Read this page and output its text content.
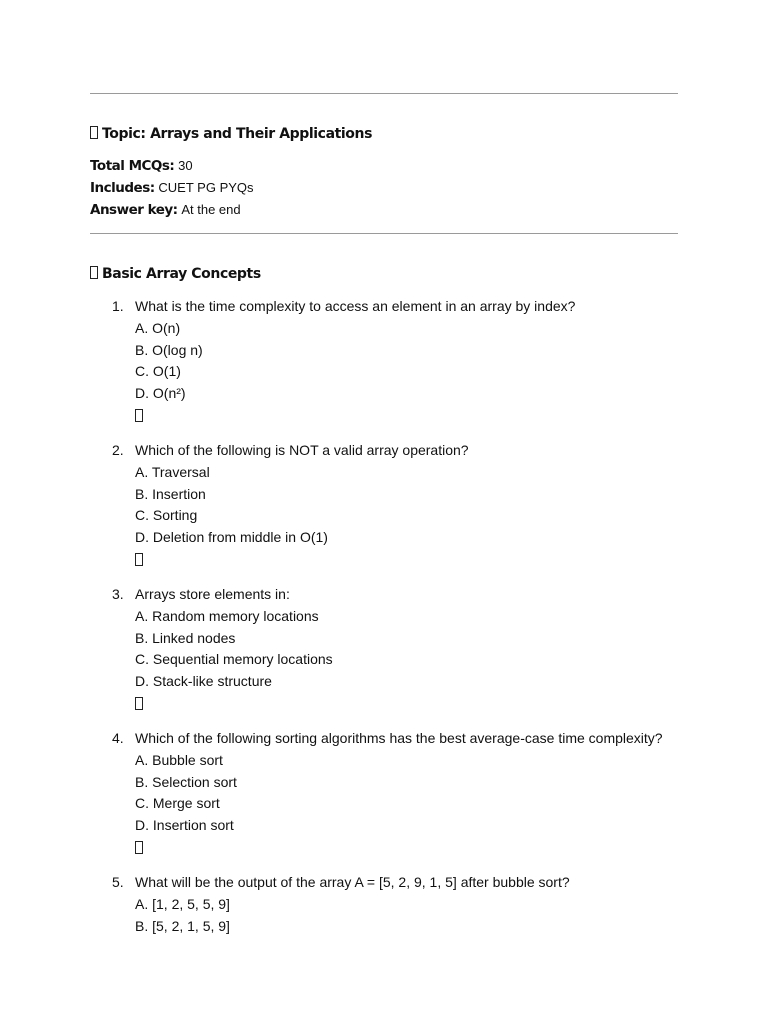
Topic: Arrays and Their Applications
Total MCQs: 30
Includes: CUET PG PYQs
Answer key: At the end
Basic Array Concepts
1. What is the time complexity to access an element in an array by index?
A. O(n)
B. O(log n)
C. O(1)
D. O(n²)
2. Which of the following is NOT a valid array operation?
A. Traversal
B. Insertion
C. Sorting
D. Deletion from middle in O(1)
3. Arrays store elements in:
A. Random memory locations
B. Linked nodes
C. Sequential memory locations
D. Stack-like structure
4. Which of the following sorting algorithms has the best average-case time complexity?
A. Bubble sort
B. Selection sort
C. Merge sort
D. Insertion sort
5. What will be the output of the array A = [5, 2, 9, 1, 5] after bubble sort?
A. [1, 2, 5, 5, 9]
B. [5, 2, 1, 5, 9]
